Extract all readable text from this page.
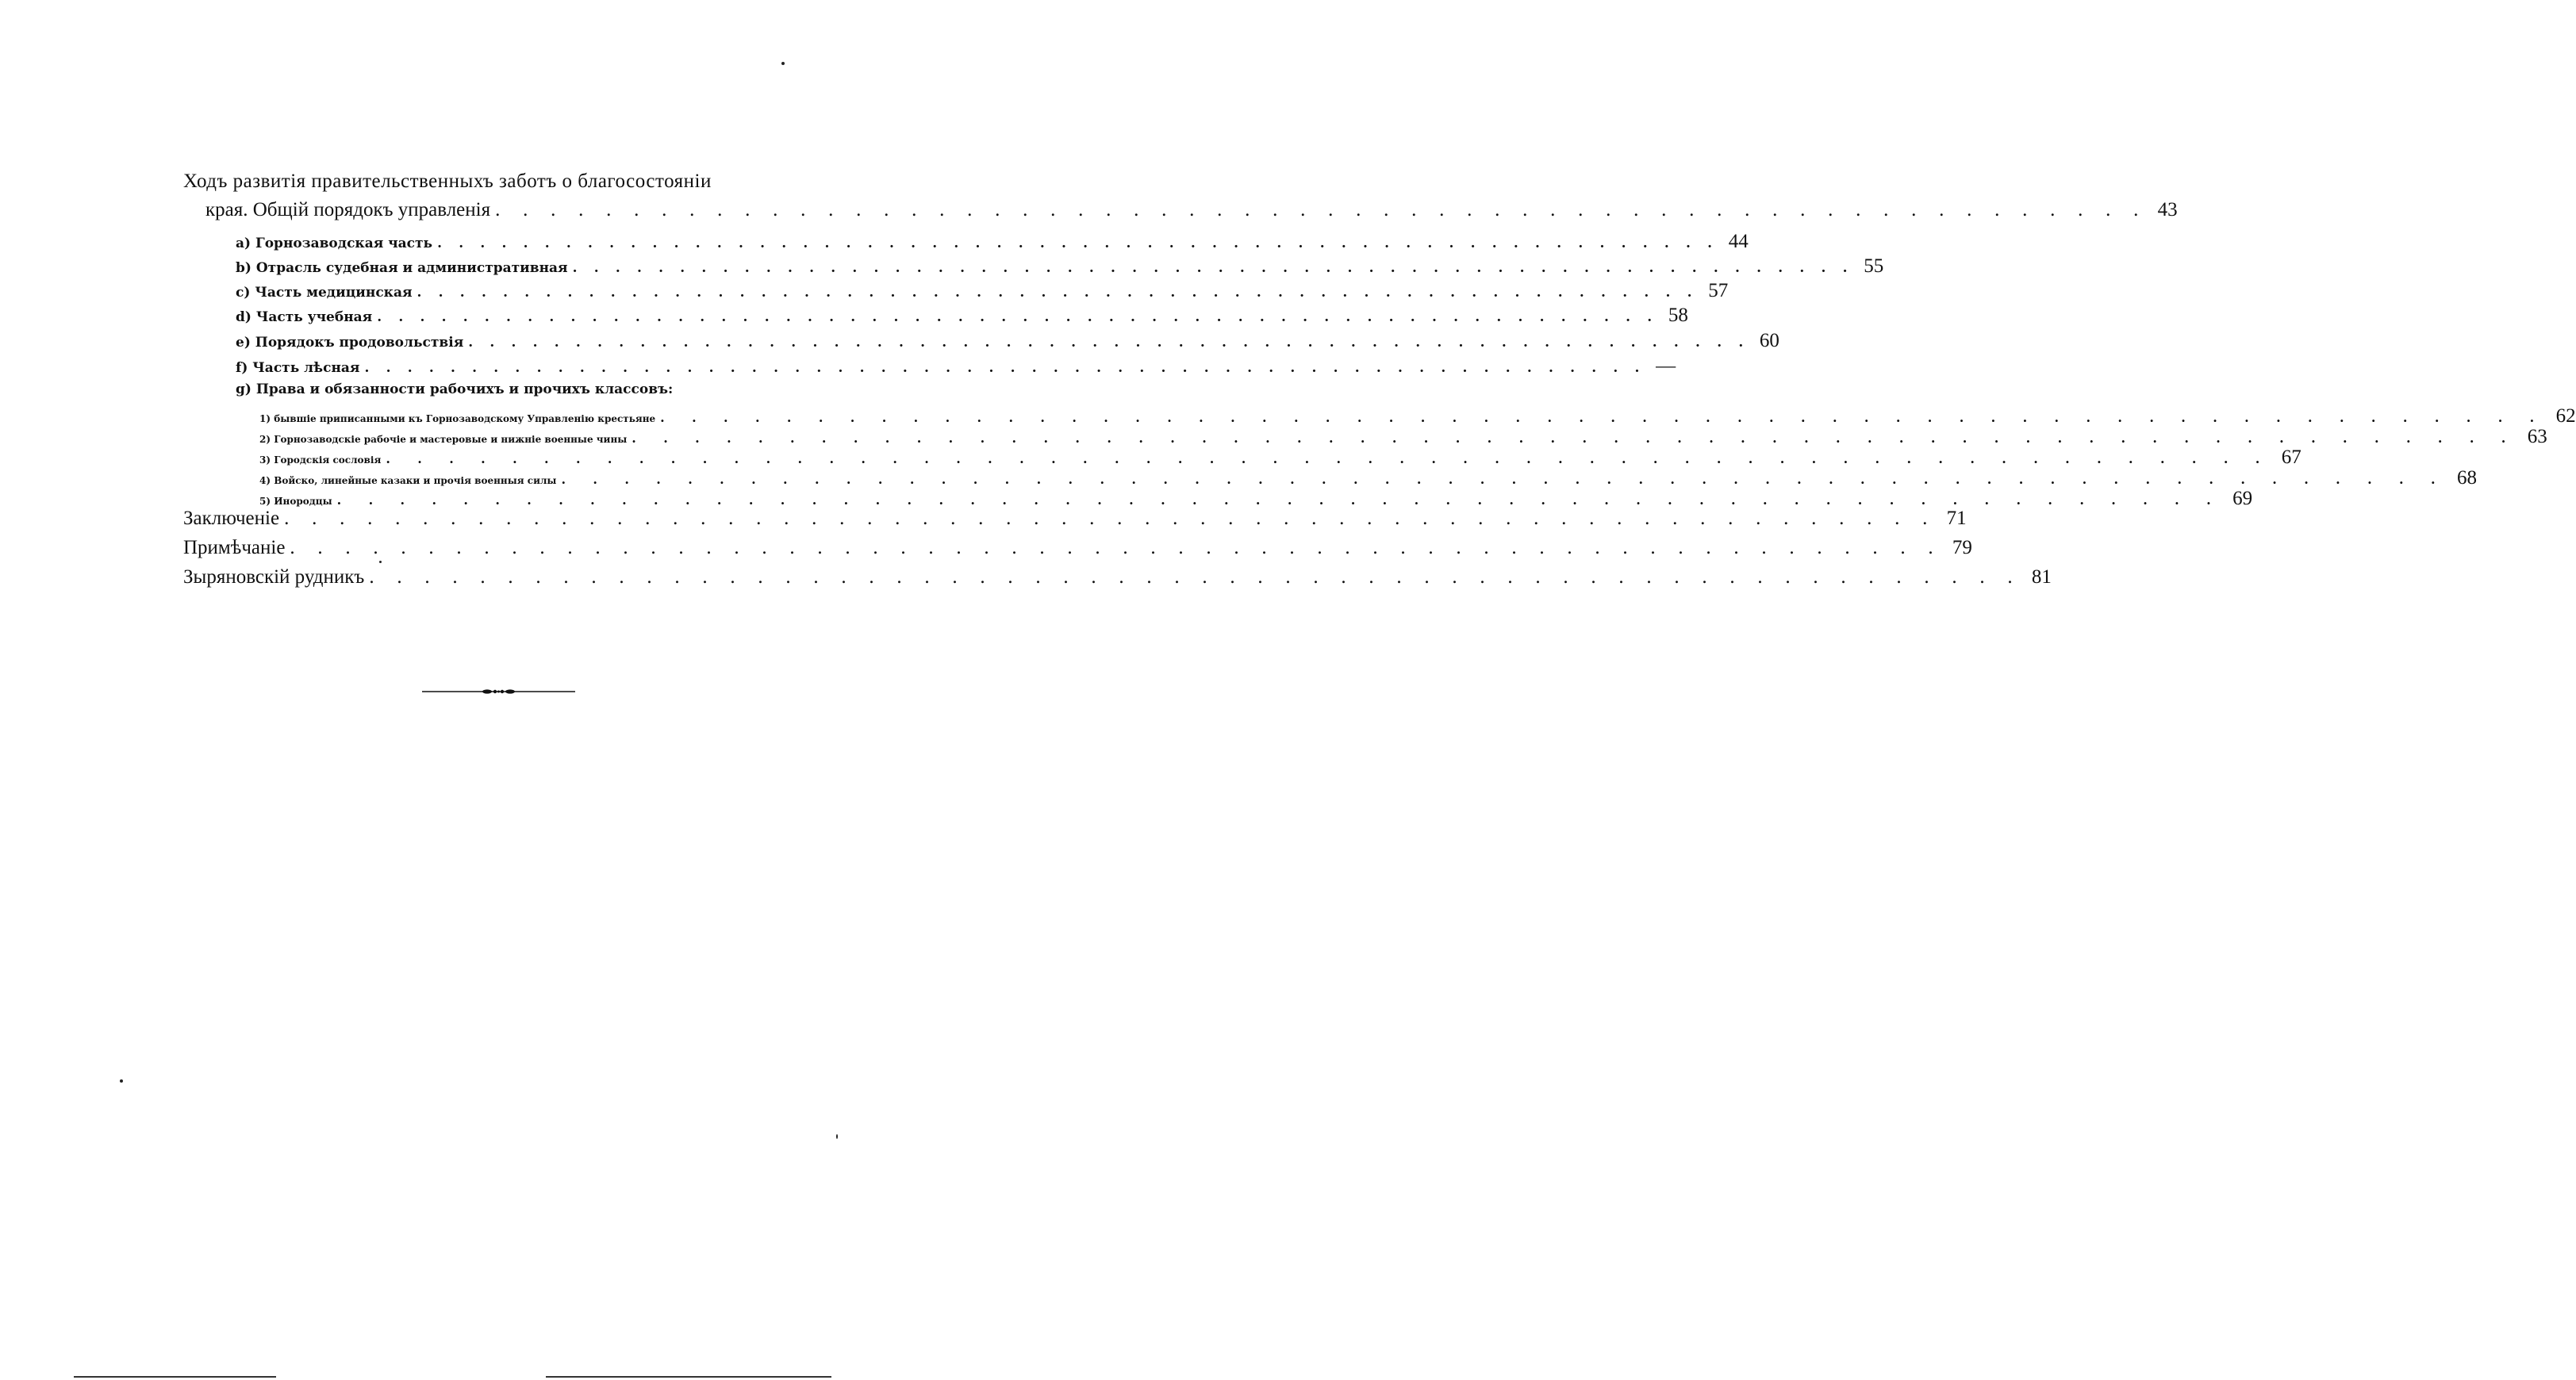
Ходъ развитія правительственныхъ заботъ о благосостояніи
края. Общій порядокъ управленія . . . . . . . . . . . . . . . . . . . . . . . . . . . . . . . . . . . . . . . . . . . . . . . . . . . . . . . . . . . . 43
a) Горнозаводская часть . . . . . . . . . . . . . . . . . . . . . . . . . . . . . . . . . . . . . . . . . . . . . . . . . . . . . . . . . . . . 44
b) Отрасль судебная и административная . . . . . . . . . . . . . . . . . . . . . . . . . . . . . . . . . . . . . . . . . . . . . . . . . . . . . . . . . . . . 55
c) Часть медицинская . . . . . . . . . . . . . . . . . . . . . . . . . . . . . . . . . . . . . . . . . . . . . . . . . . . . . . . . . . . . 57
d) Часть учебная . . . . . . . . . . . . . . . . . . . . . . . . . . . . . . . . . . . . . . . . . . . . . . . . . . . . . . . . . . . . 58
e) Порядокъ продовольствія . . . . . . . . . . . . . . . . . . . . . . . . . . . . . . . . . . . . . . . . . . . . . . . . . . . . . . . . . . . . 60
f) Часть лѣсная . . . . . . . . . . . . . . . . . . . . . . . . . . . . . . . . . . . . . . . . . . . . . . . . . . . . . . . . . . . . —
g) Права и обязанности рабочихъ и прочихъ классовъ:
1) бывшіе приписанными къ Горнозаводскому Управленію крестьяне . . . . . . . . . . . . . . . . . . . . . . . . . . . . . . . . . . . . . . . . . . . . . . . . . . . . . . . . . . . . 62
2) Горнозаводскіе рабочіе и мастеровые и нижніе военные чины . . . . . . . . . . . . . . . . . . . . . . . . . . . . . . . . . . . . . . . . . . . . . . . . . . . . . . . . . . . . 63
3) Городскія сословія . . . . . . . . . . . . . . . . . . . . . . . . . . . . . . . . . . . . . . . . . . . . . . . . . . . . . . . . . . . . 67
4) Войско, линейные казаки и прочія военныя силы . . . . . . . . . . . . . . . . . . . . . . . . . . . . . . . . . . . . . . . . . . . . . . . . . . . . . . . . . . . . 68
5) Инородцы . . . . . . . . . . . . . . . . . . . . . . . . . . . . . . . . . . . . . . . . . . . . . . . . . . . . . . . . . . . . 69
Заключеніе . . . . . . . . . . . . . . . . . . . . . . . . . . . . . . . . . . . . . . . . . . . . . . . . . . . . . . . . . . . . 71
Примѣчаніе . . . . . . . . . . . . . . . . . . . . . . . . . . . . . . . . . . . . . . . . . . . . . . . . . . . . . . . . . . . . 79
Зыряновскій рудникъ . . . . . . . . . . . . . . . . . . . . . . . . . . . . . . . . . . . . . . . . . . . . . . . . . . . . . . . . . . . . 81
